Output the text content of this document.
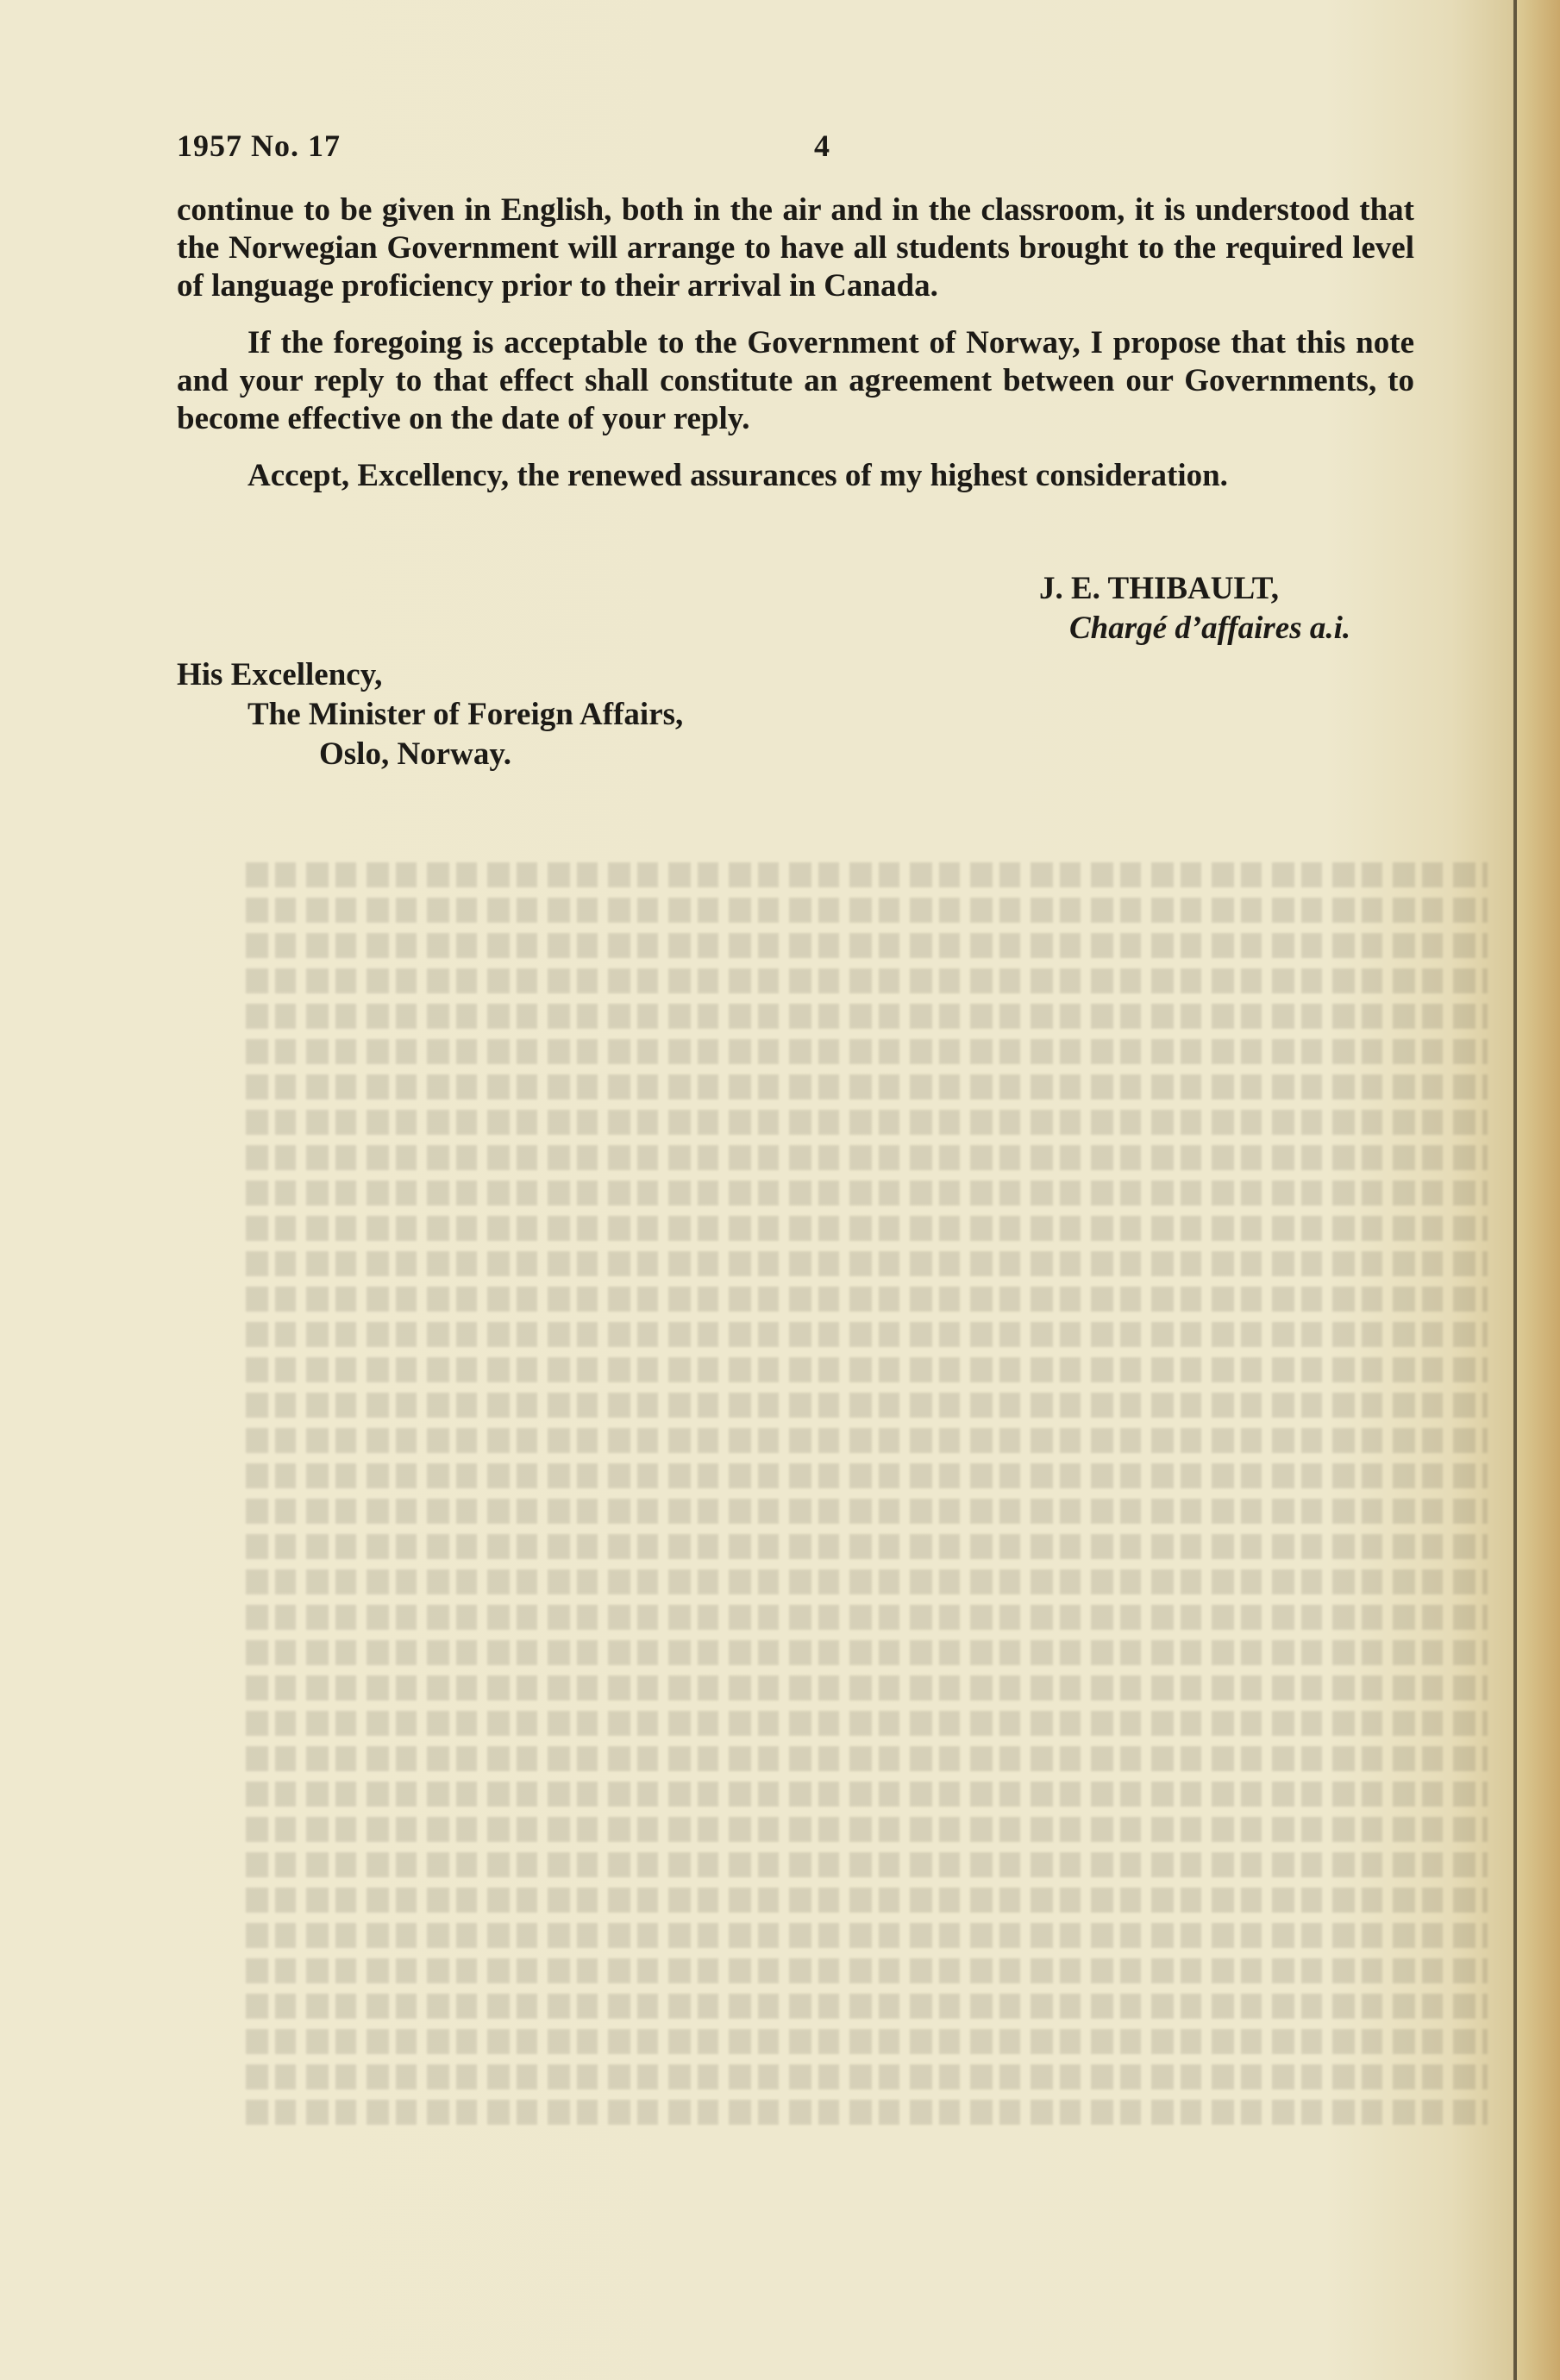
1957 No. 17	4

continue to be given in English, both in the air and in the classroom, it is understood that the Norwegian Government will arrange to have all students brought to the required level of language proficiency prior to their arrival in Canada.

If the foregoing is acceptable to the Government of Norway, I propose that this note and your reply to that effect shall constitute an agreement between our Governments, to become effective on the date of your reply.

Accept, Excellency, the renewed assurances of my highest consideration.

J. E. THIBAULT,
Chargé d’affaires a.i.
His Excellency,
The Minister of Foreign Affairs,
Oslo, Norway.
